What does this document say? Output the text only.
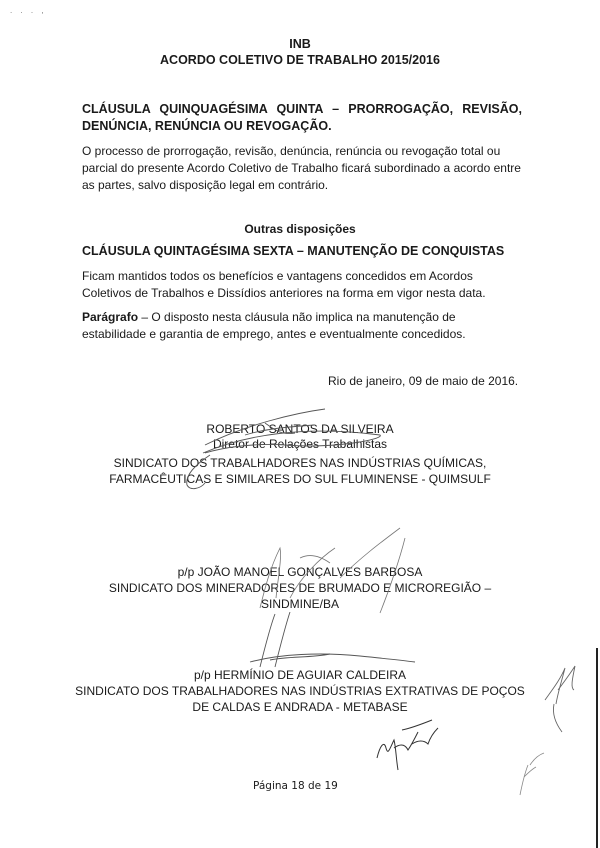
. . . ,
INB
ACORDO COLETIVO DE TRABALHO 2015/2016
CLÁUSULA QUINQUAGÉSIMA QUINTA – PRORROGAÇÃO, REVISÃO,
DENÚNCIA, RENÚNCIA OU REVOGAÇÃO.
O processo de prorrogação, revisão, denúncia, renúncia ou revogação total ou parcial do presente Acordo Coletivo de Trabalho ficará subordinado a acordo entre as partes, salvo disposição legal em contrário.
Outras disposições
CLÁUSULA QUINTAGÉSIMA SEXTA – MANUTENÇÃO DE CONQUISTAS
Ficam mantidos todos os benefícios e vantagens concedidos em Acordos Coletivos de Trabalhos e Dissídios anteriores na forma em vigor nesta data.
Parágrafo – O disposto nesta cláusula não implica na manutenção de estabilidade e garantia de emprego, antes e eventualmente concedidos.
Rio de janeiro, 09 de maio de 2016.
ROBERTO SANTOS DA SILVEIRA
Diretor de Relações Trabalhistas
SINDICATO DOS TRABALHADORES NAS INDÚSTRIAS QUÍMICAS,
FARMACÊUTICAS E SIMILARES DO SUL FLUMINENSE - QUIMSULF
p/p JOÃO MANOEL GONÇALVES BARBOSA
SINDICATO DOS MINERADORES DE BRUMADO E MICROREGIÃO –
SINDMINE/BA
p/p HERMÍNIO DE AGUIAR CALDEIRA
SINDICATO DOS TRABALHADORES NAS INDÚSTRIAS EXTRATIVAS DE POÇOS
DE CALDAS E ANDRADA - METABASE
Página 18 de 19
